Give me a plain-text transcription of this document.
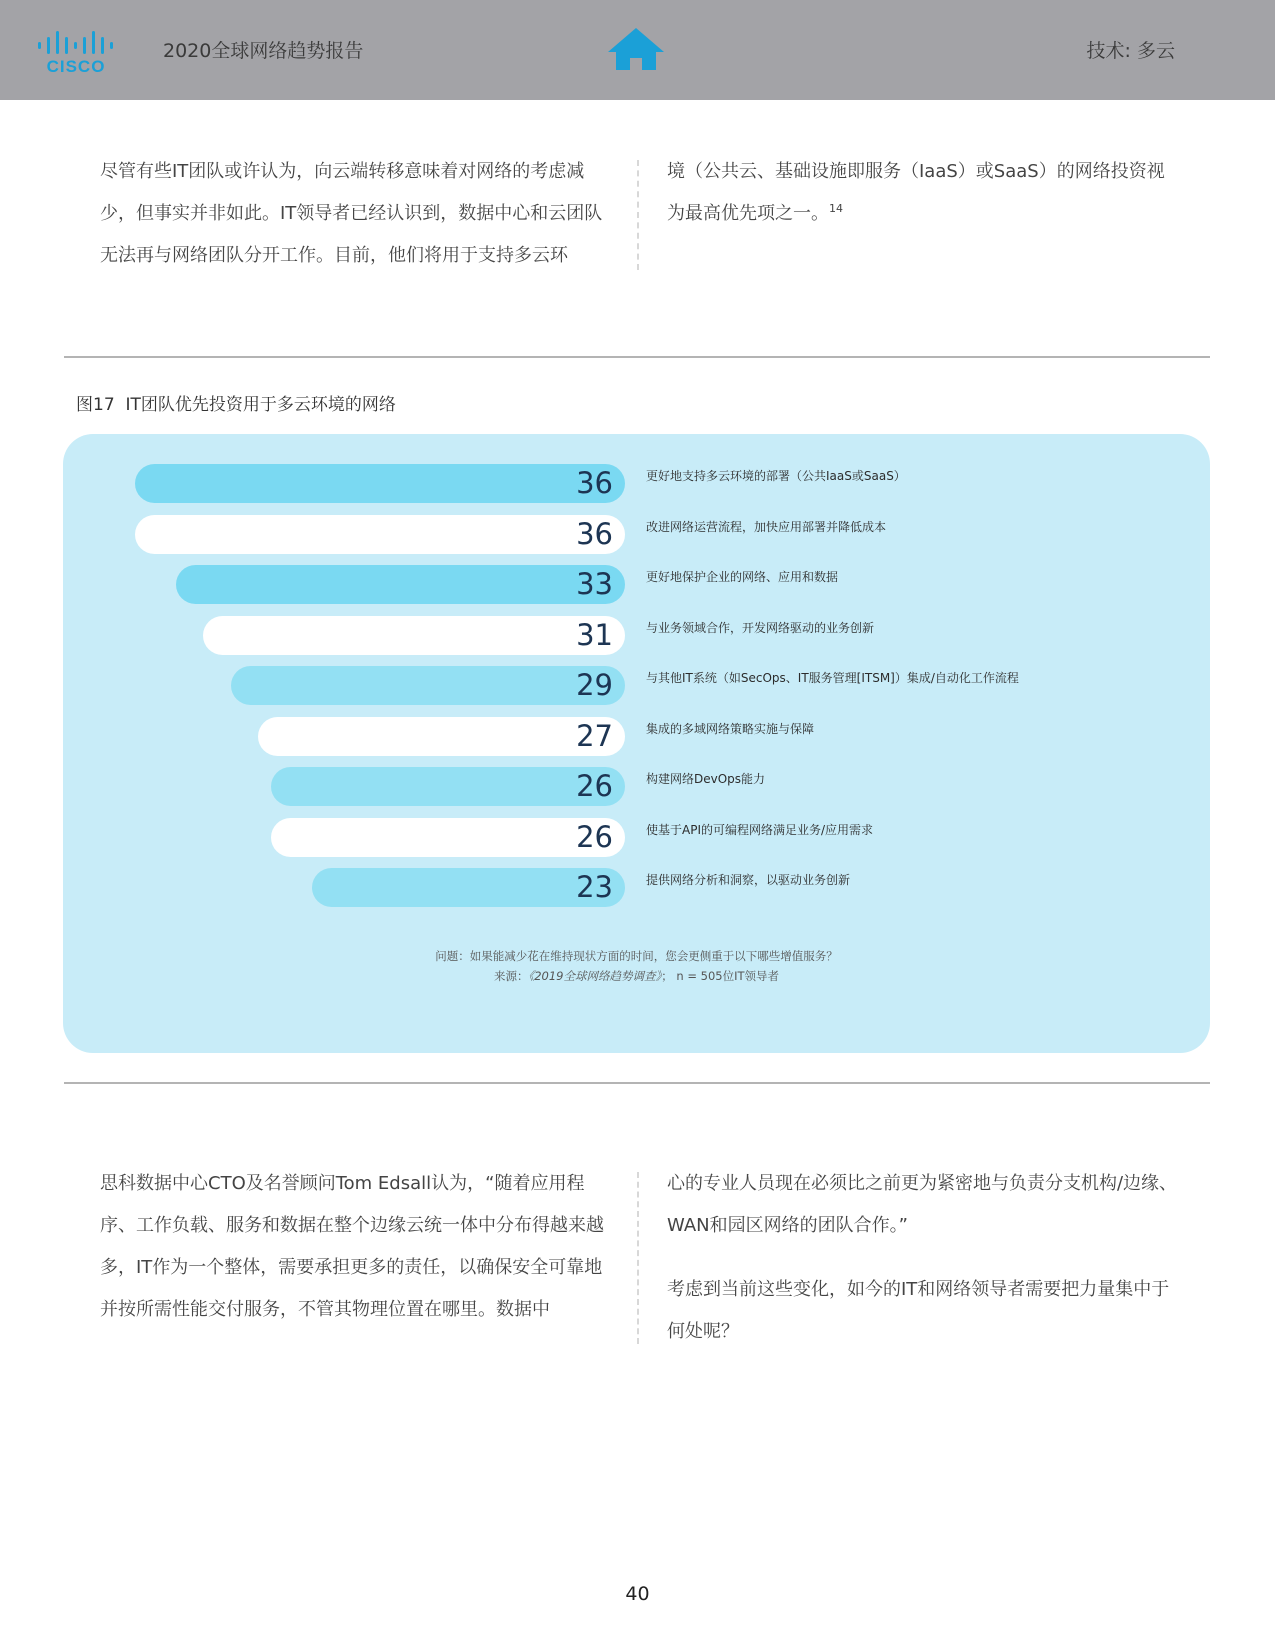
CISCO
2020全球网络趋势报告	技术: 多云

尽管有些IT团队或许认为，向云端转移意味着对网络的考虑减少，但事实并非如此。IT领导者已经认识到，数据中心和云团队无法再与网络团队分开工作。目前，他们将用于支持多云环

境（公共云、基础设施即服务（IaaS）或SaaS）的网络投资视为最高优先项之一。$^{14}$

图17 IT团队优先投资用于多云环境的网络
36	更好地支持多云环境的部署（公共IaaS或SaaS）
36	改进网络运营流程，加快应用部署并降低成本
33	更好地保护企业的网络、应用和数据
31	与业务领域合作，开发网络驱动的业务创新
29	与其他IT系统（如SecOps、IT服务管理[ITSM]）集成/自动化工作流程
27	集成的多域网络策略实施与保障
26	构建网络DevOps能力
26	使基于API的可编程网络满足业务/应用需求
23	提供网络分析和洞察，以驱动业务创新
问题：如果能减少花在维持现状方面的时间，您会更侧重于以下哪些增值服务？
来源：《2019全球网络趋势调查》； n = 505位IT领导者

思科数据中心CTO及名誉顾问Tom Edsall认为，“随着应用程序、工作负载、服务和数据在整个边缘云统一体中分布得越来越多，IT作为一个整体，需要承担更多的责任，以确保安全可靠地并按所需性能交付服务，不管其物理位置在哪里。数据中

心的专业人员现在必须比之前更为紧密地与负责分支机构/边缘、WAN和园区网络的团队合作。”

考虑到当前这些变化，如今的IT和网络领导者需要把力量集中于何处呢？

40
